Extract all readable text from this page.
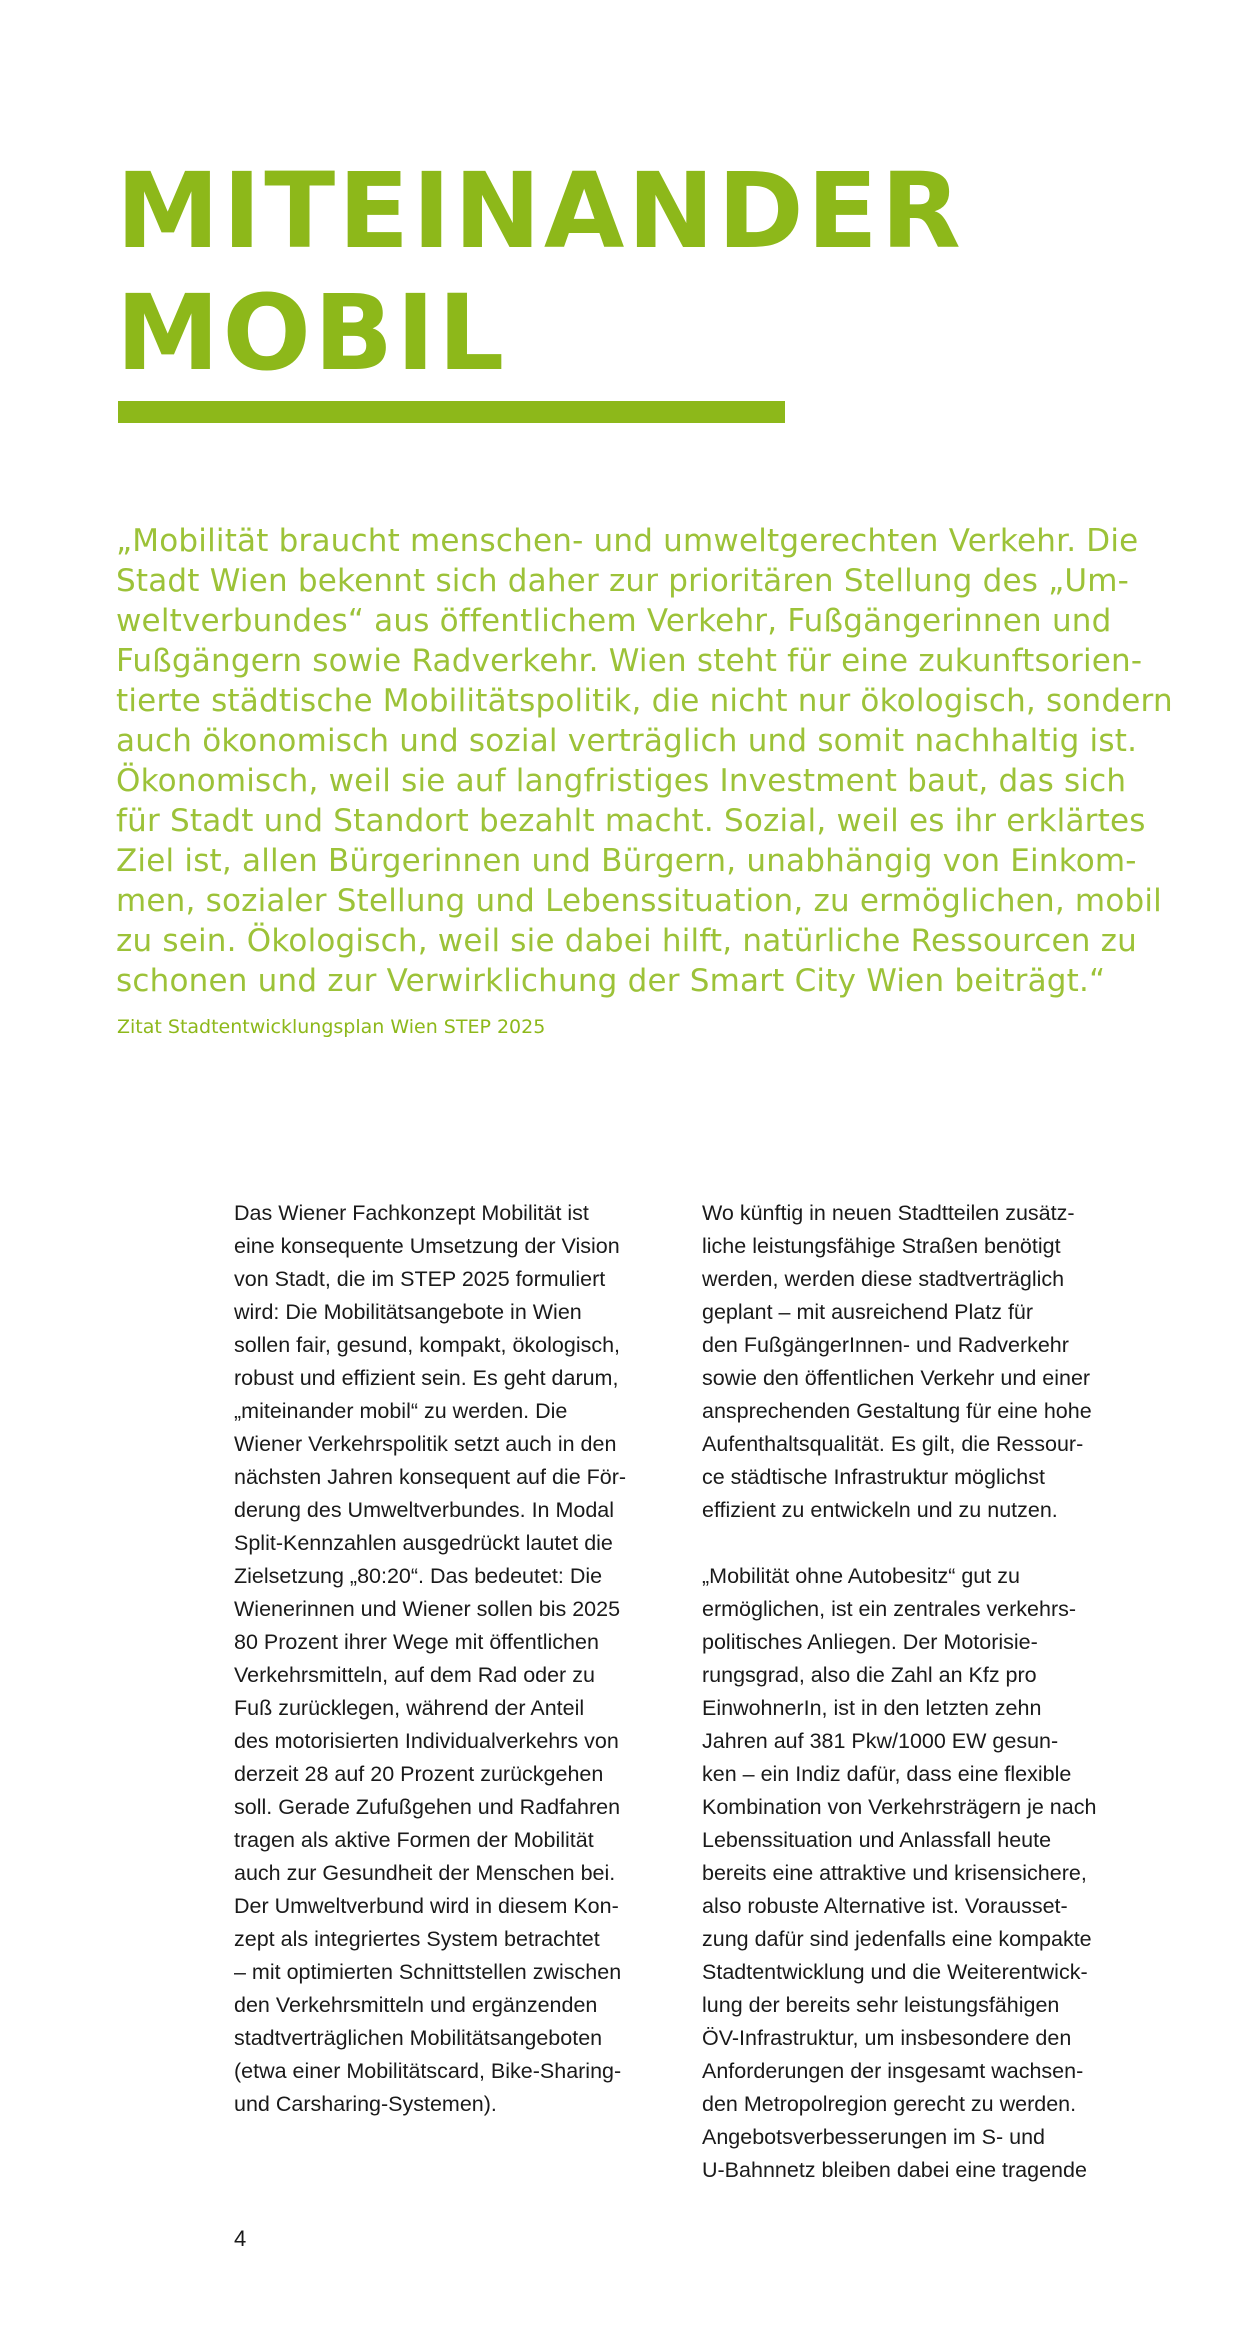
MITEINANDER
MOBIL
„Mobilität braucht menschen- und umweltgerechten Verkehr. Die
Stadt Wien bekennt sich daher zur prioritären Stellung des „Um-
weltverbundes“ aus öffentlichem Verkehr, Fußgängerinnen und
Fußgängern sowie Radverkehr. Wien steht für eine zukunftsorien-
tierte städtische Mobilitätspolitik, die nicht nur ökologisch, sondern
auch ökonomisch und sozial verträglich und somit nachhaltig ist.
Ökonomisch, weil sie auf langfristiges Investment baut, das sich
für Stadt und Standort bezahlt macht. Sozial, weil es ihr erklärtes
Ziel ist, allen Bürgerinnen und Bürgern, unabhängig von Einkom-
men, sozialer Stellung und Lebenssituation, zu ermöglichen, mobil
zu sein. Ökologisch, weil sie dabei hilft, natürliche Ressourcen zu
schonen und zur Verwirklichung der Smart City Wien beiträgt.“

Zitat Stadtentwicklungsplan Wien STEP 2025

Das Wiener Fachkonzept Mobilität ist
eine konsequente Umsetzung der Vision
von Stadt, die im STEP 2025 formuliert
wird: Die Mobilitätsangebote in Wien
sollen fair, gesund, kompakt, ökologisch,
robust und effizient sein. Es geht darum,
„miteinander mobil“ zu werden. Die
Wiener Verkehrspolitik setzt auch in den
nächsten Jahren konsequent auf die För-
derung des Umweltverbundes. In Modal
Split-Kennzahlen ausgedrückt lautet die
Zielsetzung „80:20“. Das bedeutet: Die
Wienerinnen und Wiener sollen bis 2025
80 Prozent ihrer Wege mit öffentlichen
Verkehrsmitteln, auf dem Rad oder zu
Fuß zurücklegen, während der Anteil
des motorisierten Individualverkehrs von
derzeit 28 auf 20 Prozent zurückgehen
soll. Gerade Zufußgehen und Radfahren
tragen als aktive Formen der Mobilität
auch zur Gesundheit der Menschen bei.
Der Umweltverbund wird in diesem Kon-
zept als integriertes System betrachtet
– mit optimierten Schnittstellen zwischen
den Verkehrsmitteln und ergänzenden
stadtverträglichen Mobilitätsangeboten
(etwa einer Mobilitätscard, Bike-Sharing-
und Carsharing-Systemen).
Wo künftig in neuen Stadtteilen zusätz-
liche leistungsfähige Straßen benötigt
werden, werden diese stadtverträglich
geplant – mit ausreichend Platz für
den FußgängerInnen- und Radverkehr
sowie den öffentlichen Verkehr und einer
ansprechenden Gestaltung für eine hohe
Aufenthaltsqualität. Es gilt, die Ressour-
ce städtische Infrastruktur möglichst
effizient zu entwickeln und zu nutzen.
„Mobilität ohne Autobesitz“ gut zu
ermöglichen, ist ein zentrales verkehrs-
politisches Anliegen. Der Motorisie-
rungsgrad, also die Zahl an Kfz pro
EinwohnerIn, ist in den letzten zehn
Jahren auf 381 Pkw/1000 EW gesun-
ken – ein Indiz dafür, dass eine flexible
Kombination von Verkehrsträgern je nach
Lebenssituation und Anlassfall heute
bereits eine attraktive und krisensichere,
also robuste Alternative ist. Vorausset-
zung dafür sind jedenfalls eine kompakte
Stadtentwicklung und die Weiterentwick-
lung der bereits sehr leistungsfähigen
ÖV-Infrastruktur, um insbesondere den
Anforderungen der insgesamt wachsen-
den Metropolregion gerecht zu werden.
Angebotsverbesserungen im S- und
U-Bahnnetz bleiben dabei eine tragende

4
